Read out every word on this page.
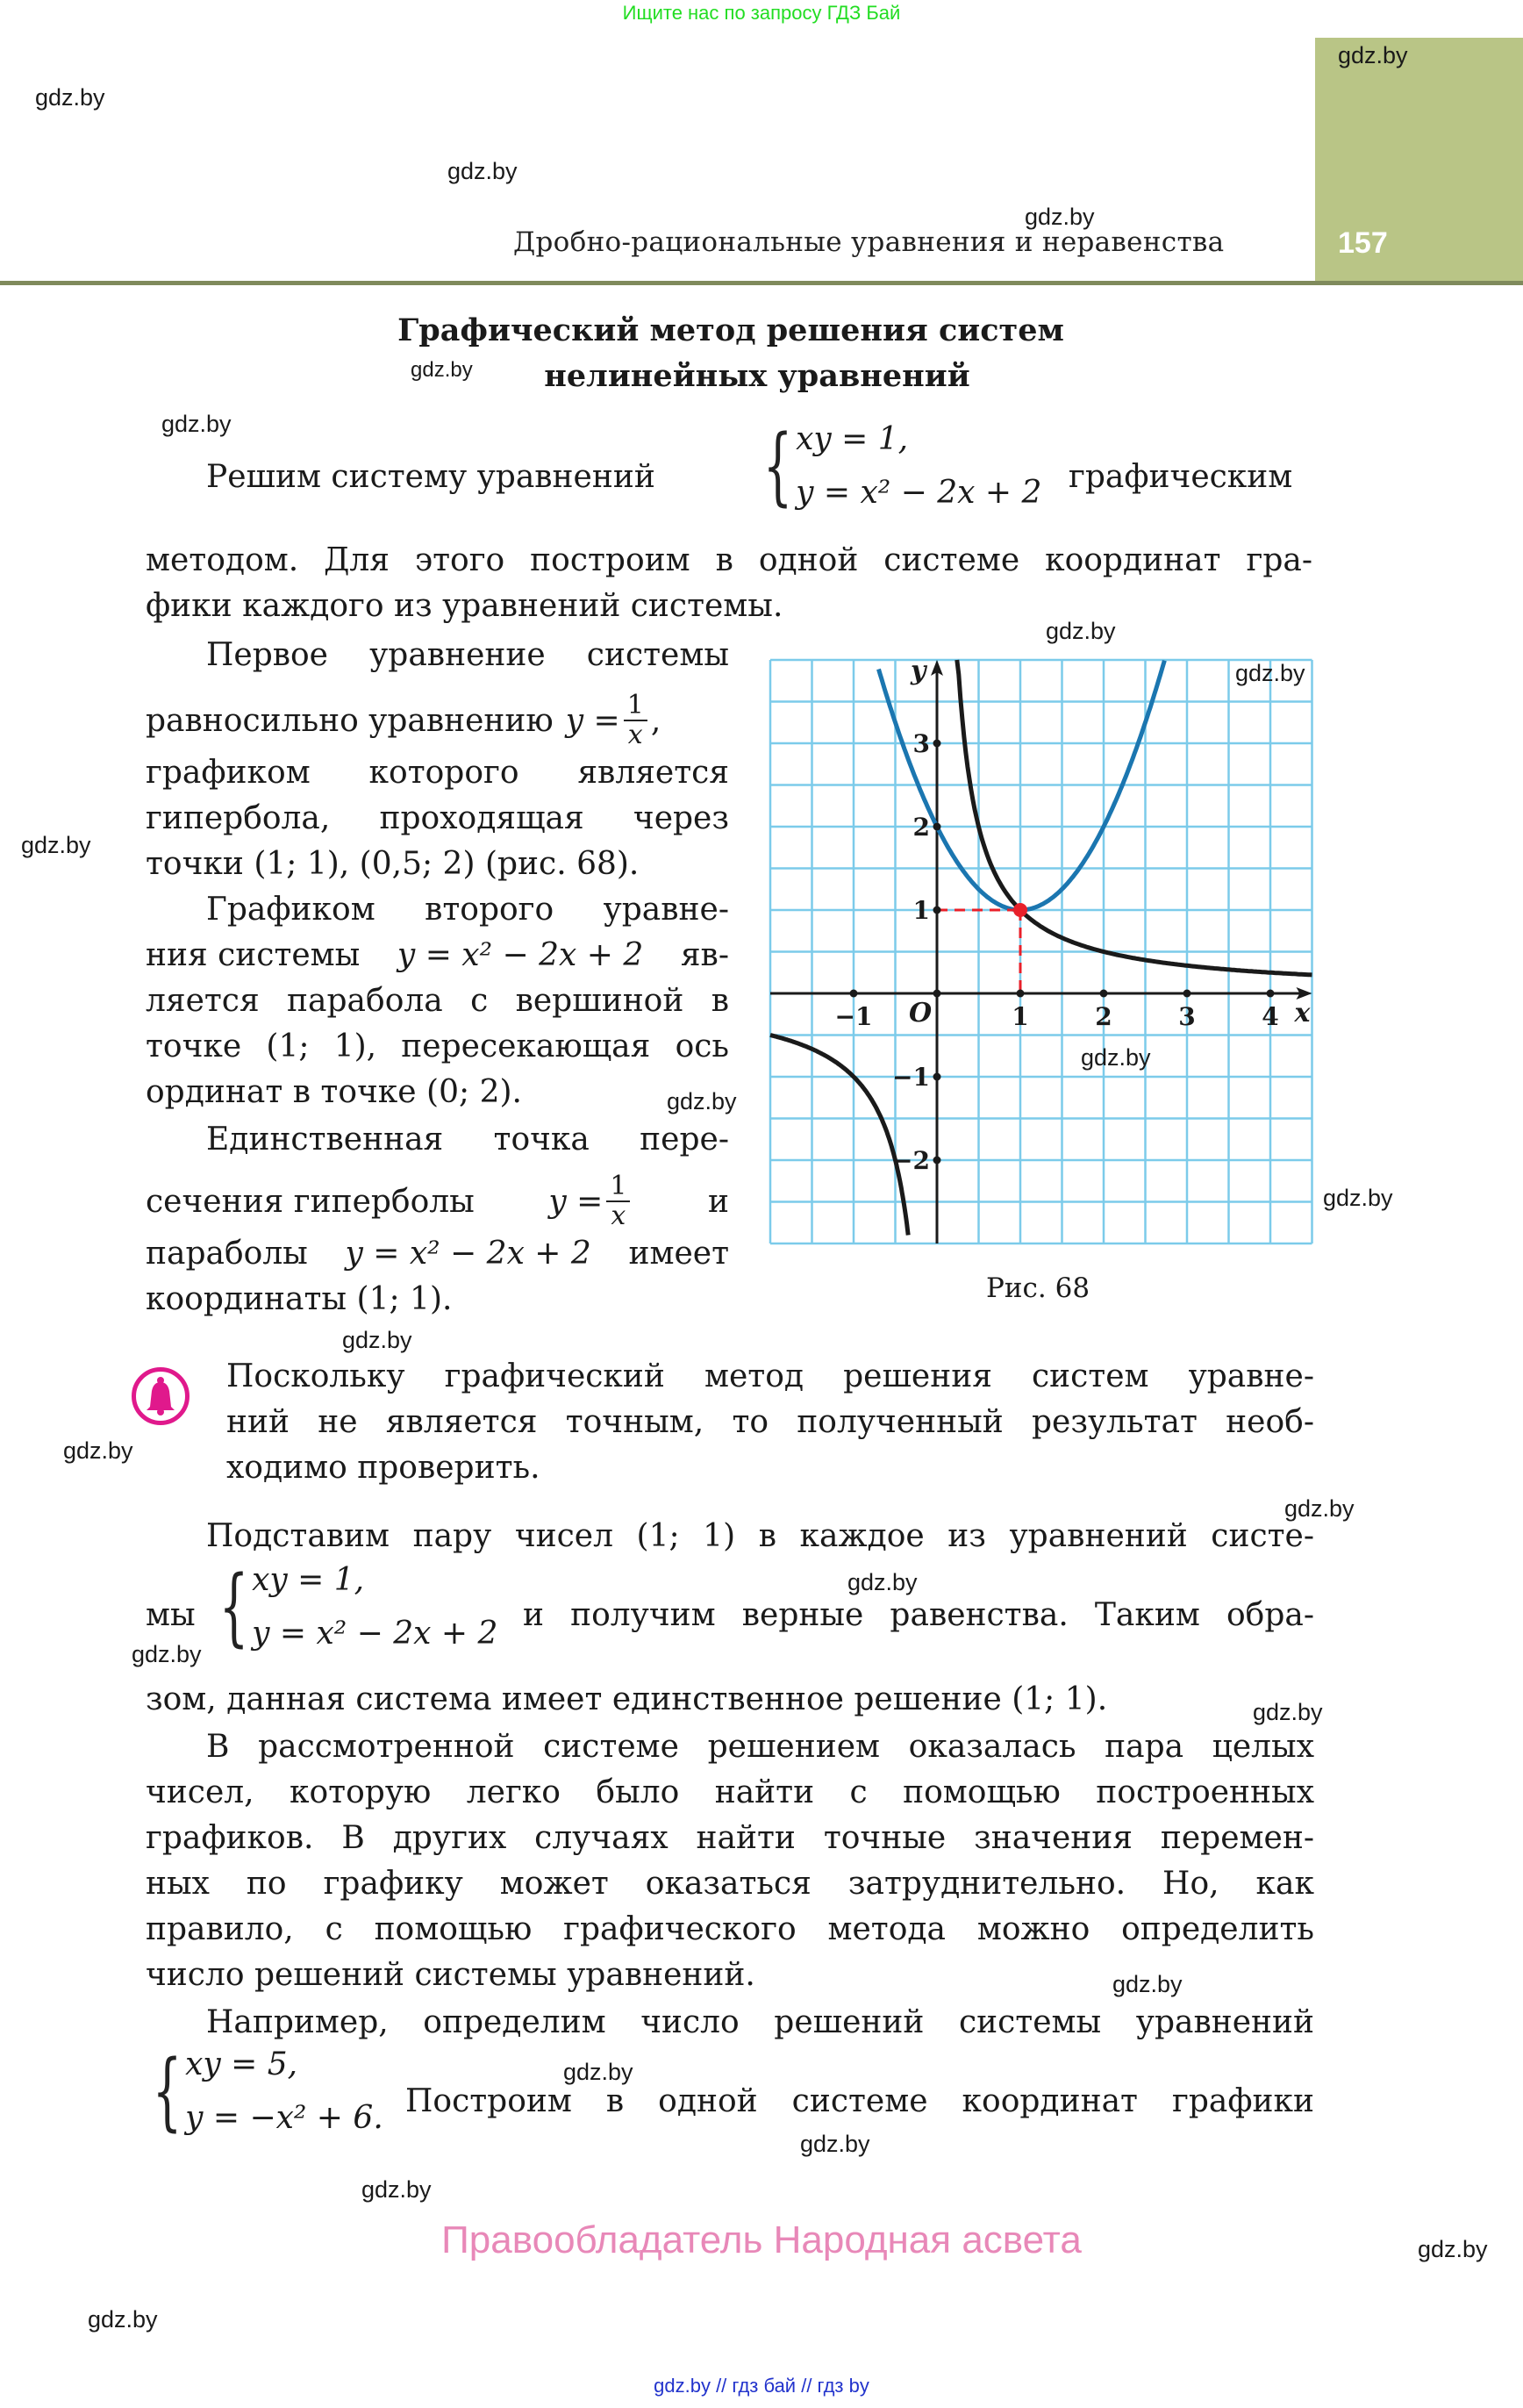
Ищите нас по запросу ГДЗ Бай
157
Дробно-рациональные уравнения и неравенства
Графический метод решения систем
нелинейных уравнений
Решим систему уравнений { xy = 1,
y = x² − 2x + 2 графическим
методом. Для этого построим в одной системе координат гра-
фики каждого из уравнений системы.
Первое уравнение системы
равносильно уравнению $y = \frac{1}{x}$ ,
графиком которого является
гипербола, проходящая через
точки (1; 1), (0,5; 2) (рис. 68).
Графиком второго уравне-
ния системы y = x² − 2x + 2 яв-
ляется парабола с вершиной в
точке (1; 1), пересекающая ось
ординат в точке (0; 2).
Единственная точка пере-
сечения гиперболы $y = \frac{1}{x}$ и
параболы y = x² − 2x + 2 имеет
координаты (1; 1).
−1	1	2	3	4
3
2
1
−1
−2
O	x
y
Рис. 68
Поскольку графический метод решения систем уравне-
ний не является точным, то полученный результат необ-
ходимо проверить.
Подставим пару чисел (1; 1) в каждое из уравнений систе-
мы { xy = 1,
y = x² − 2x + 2
и получим верные равенства. Таким обра-
зом, данная система имеет единственное решение (1; 1).
В рассмотренной системе решением оказалась пара целых
чисел, которую легко было найти с помощью построенных
графиков. В других случаях найти точные значения перемен-
ных по графику может оказаться затруднительно. Но, как
правило, с помощью графического метода можно определить
число решений системы уравнений.
Например, определим число решений системы уравнений
{ xy = 5,
y = −x² + 6. Построим в одной системе координат графики
Правообладатель Народная асвета
gdz.by // гдз бай // гдз by
gdz.by
gdz.by
gdz.by
gdz.by
gdz.by
gdz.by
gdz.by
gdz.by
gdz.by
gdz.by
gdz.by
gdz.by
gdz.by
gdz.by
gdz.by
gdz.by
gdz.by
gdz.by
gdz.by
gdz.by
gdz.by
gdz.by
gdz.by
gdz.by
